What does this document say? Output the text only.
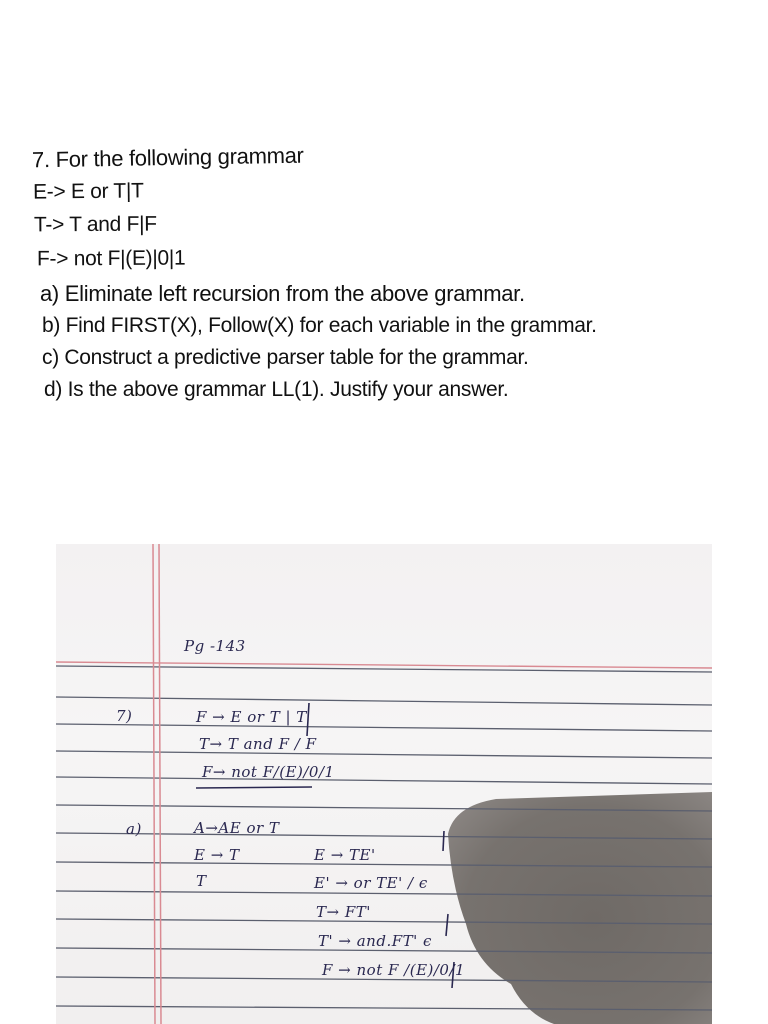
7. For the following grammar
E-> E or T|T
T-> T and F|F
F-> not F|(E)|0|1
a) Eliminate left recursion from the above grammar.
b) Find FIRST(X), Follow(X) for each variable in the grammar.
c) Construct a predictive parser table for the grammar.
d) Is the above grammar LL(1). Justify your answer.
Pg -143
7)	F → E or T | T
T→ T and F / F
F→ not F/(E)/0/1
a)	A→AE or T
E → T
T
E → TE'
E' → or TE' / ϵ
T→ FT'
T' → and.FT' ϵ
F → not F /(E)/0/1
